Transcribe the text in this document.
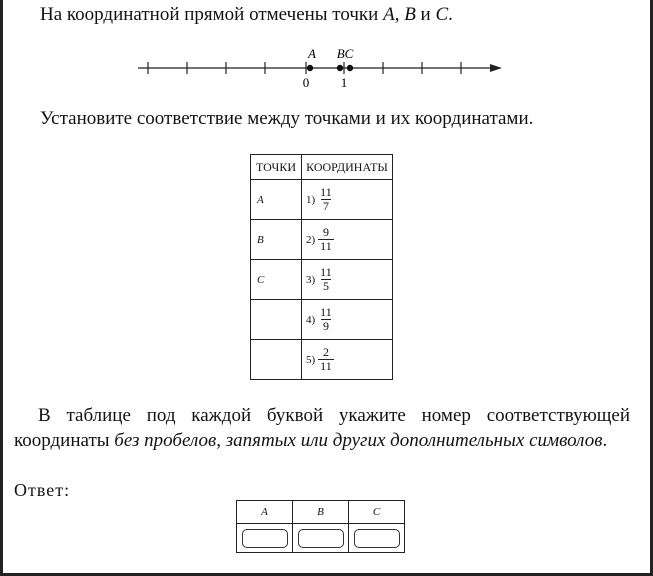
На координатной прямой отмечены точки A, B и C.
A BC
0 1
Установите соответствие между точками и их координатами.
ТОЧКИ	КООРДИНАТЫ
A	$1) \frac{11}{7}$

B	$2) \frac{9}{11}$

C	$3) \frac{11}{5}$

	$4) \frac{11}{9}$

	$5) \frac{2}{11}$
В таблице под каждой буквой укажите номер соответствующей координаты без пробелов, запятых или других дополнительных символов.
Ответ:
A	B	C
